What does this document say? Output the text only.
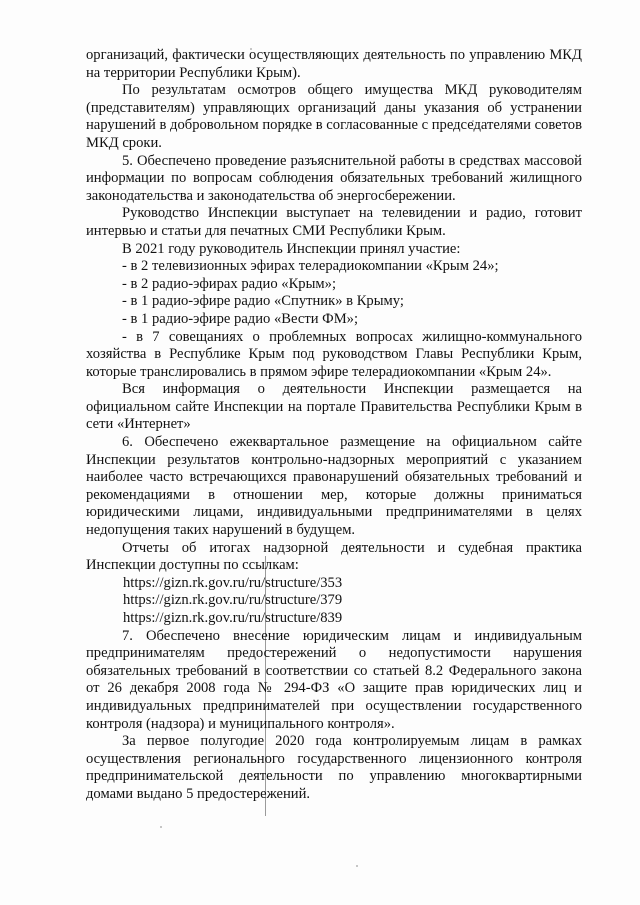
организаций, фактически осуществляющих деятельность по управлению МКД на территории Республики Крым).

По результатам осмотров общего имущества МКД руководителям (представителям) управляющих организаций даны указания об устранении нарушений в добровольном порядке в согласованные с председателями советов МКД сроки.

5. Обеспечено проведение разъяснительной работы в средствах массовой информации по вопросам соблюдения обязательных требований жилищного законодательства и законодательства об энергосбережении.

Руководство Инспекции выступает на телевидении и радио, готовит интервью и статьи для печатных СМИ Республики Крым.

В 2021 году руководитель Инспекции принял участие:

- в 2 телевизионных эфирах телерадиокомпании «Крым 24»;

- в 2 радио-эфирах радио «Крым»;

- в 1 радио-эфире радио «Спутник» в Крыму;

- в 1 радио-эфире радио «Вести ФМ»;

- в 7 совещаниях о проблемных вопросах жилищно-коммунального хозяйства в Республике Крым под руководством Главы Республики Крым, которые транслировались в прямом эфире телерадиокомпании «Крым 24».

Вся информация о деятельности Инспекции размещается на официальном сайте Инспекции на портале Правительства Республики Крым в сети «Интернет»

6. Обеспечено ежеквартальное размещение на официальном сайте Инспекции результатов контрольно-надзорных мероприятий с указанием наиболее часто встречающихся правонарушений обязательных требований и рекомендациями в отношении мер, которые должны приниматься юридическими лицами, индивидуальными предпринимателями в целях недопущения таких нарушений в будущем.

Отчеты об итогах надзорной деятельности и судебная практика Инспекции доступны по ссылкам:

https://gizn.rk.gov.ru/ru/structure/353

https://gizn.rk.gov.ru/ru/structure/379

https://gizn.rk.gov.ru/ru/structure/839

7. Обеспечено внесение юридическим лицам и индивидуальным предпринимателям предостережений о недопустимости нарушения обязательных требований в соответствии со статьей 8.2 Федерального закона от 26 декабря 2008 года № 294-ФЗ «О защите прав юридических лиц и индивидуальных предпринимателей при осуществлении государственного контроля (надзора) и муниципального контроля».

За первое полугодие 2020 года контролируемым лицам в рамках осуществления регионального государственного лицензионного контроля предпринимательской деятельности по управлению многоквартирными домами выдано 5 предостережений.
